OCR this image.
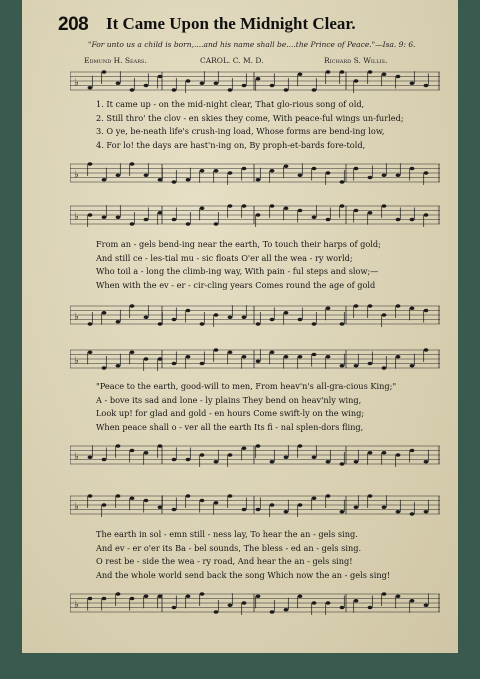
208 It Came Upon the Midnight Clear.
"For unto us a child is born,....and his name shall be....the Prince of Peace."—Isa. 9: 6.
Edmund H. Sears.	CAROL. C. M. D.	Richard S. Willis.
♭
1. It came up - on the mid-night clear, That glo-rious song of old,
2. Still thro' the clov - en skies they come, With peace-ful wings un-furled;
3. O ye, be-neath life's crush-ing load, Whose forms are bend-ing low,
4. For lo! the days are hast'n-ing on, By proph-et-bards fore-told,
♭
♭
From an - gels bend-ing near the earth, To touch their harps of gold;
And still ce - les-tial mu - sic floats O'er all the wea - ry world;
Who toil a - long the climb-ing way, With pain - ful steps and slow;—
When with the ev - er - cir-cling years Comes round the age of gold
♭
♭
"Peace to the earth, good-will to men, From heav'n's all-gra-cious King;"
A - bove its sad and lone - ly plains They bend on heav'nly wing,
Look up! for glad and gold - en hours Come swift-ly on the wing;
When peace shall o - ver all the earth Its fi - nal splen-dors fling,
♭
♭
The earth in sol - emn still - ness lay, To hear the an - gels sing.
And ev - er o'er its Ba - bel sounds, The bless - ed an - gels sing.
O rest be - side the wea - ry road, And hear the an - gels sing!
And the whole world send back the song Which now the an - gels sing!
♭
